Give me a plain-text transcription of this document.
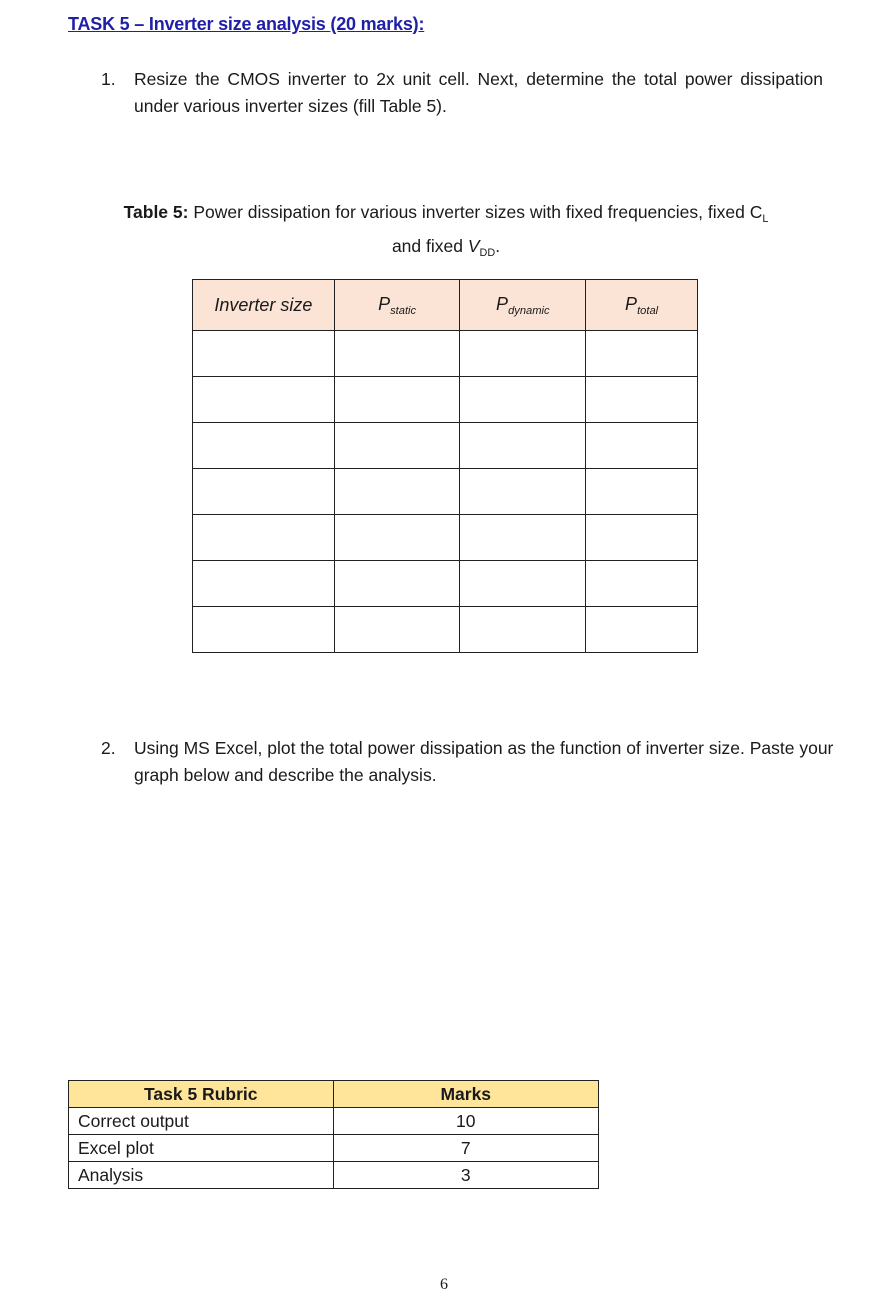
TASK 5 – Inverter size analysis (20 marks):
1. Resize the CMOS inverter to 2x unit cell. Next, determine the total power dissipation under various inverter sizes (fill Table 5).
Table 5: Power dissipation for various inverter sizes with fixed frequencies, fixed $C_L$
and fixed $V_{DD}$.
Inverter size	$P_{static}$	$P_{dynamic}$	$P_{total}$

2. Using MS Excel, plot the total power dissipation as the function of inverter size. Paste your graph below and describe the analysis.
Task 5 Rubric	Marks
Correct output	10
Excel plot	7
Analysis	3
6
